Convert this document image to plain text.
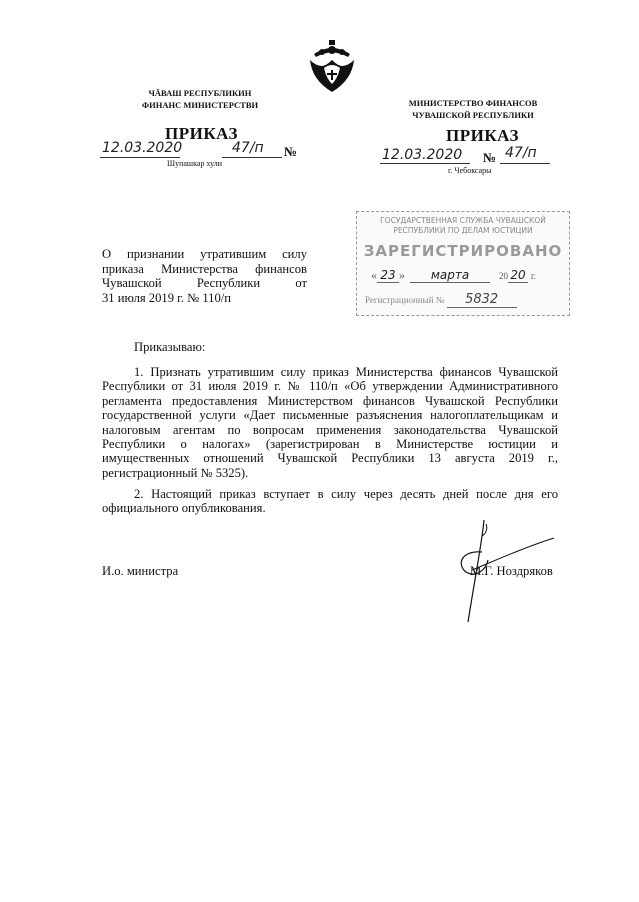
ЧĂВАШ РЕСПУБЛИКИН
ФИНАНС МИНИСТЕРСТВИ	МИНИСТЕРСТВО ФИНАНСОВ
ЧУВАШСКОЙ РЕСПУБЛИКИ
ПРИКАЗ
12.03.2020	47/п №
Шупашкар хули
ПРИКАЗ
12.03.2020 № 47/п
г. Чебоксары
ГОСУДАРСТВЕННАЯ СЛУЖБА ЧУВАШСКОЙ
РЕСПУБЛИКИ ПО ДЕЛАМ ЮСТИЦИИ
ЗАРЕГИСТРИРОВАНО
« 23 » марта	20 20 г.
Регистрационный № 5832
О признании утратившим силу
приказа Министерства финансов
Чувашской Республики от
31 июля 2019 г. № 110/п
Приказываю:
1. Признать утратившим силу приказ Министерства финансов Чувашской Республики от 31 июля 2019 г. № 110/п «Об утверждении Административного регламента предоставления Министерством финансов Чувашской Республики государственной услуги «Дает письменные разъяснения налогоплательщикам и налоговым агентам по вопросам применения законодательства Чувашской Республики о налогах» (зарегистрирован в Министерстве юстиции и имущественных отношений Чувашской Республики 13 августа 2019 г., регистрационный № 5325).
2. Настоящий приказ вступает в силу через десять дней после дня его официального опубликования.
И.о. министра	М.Г. Ноздряков
